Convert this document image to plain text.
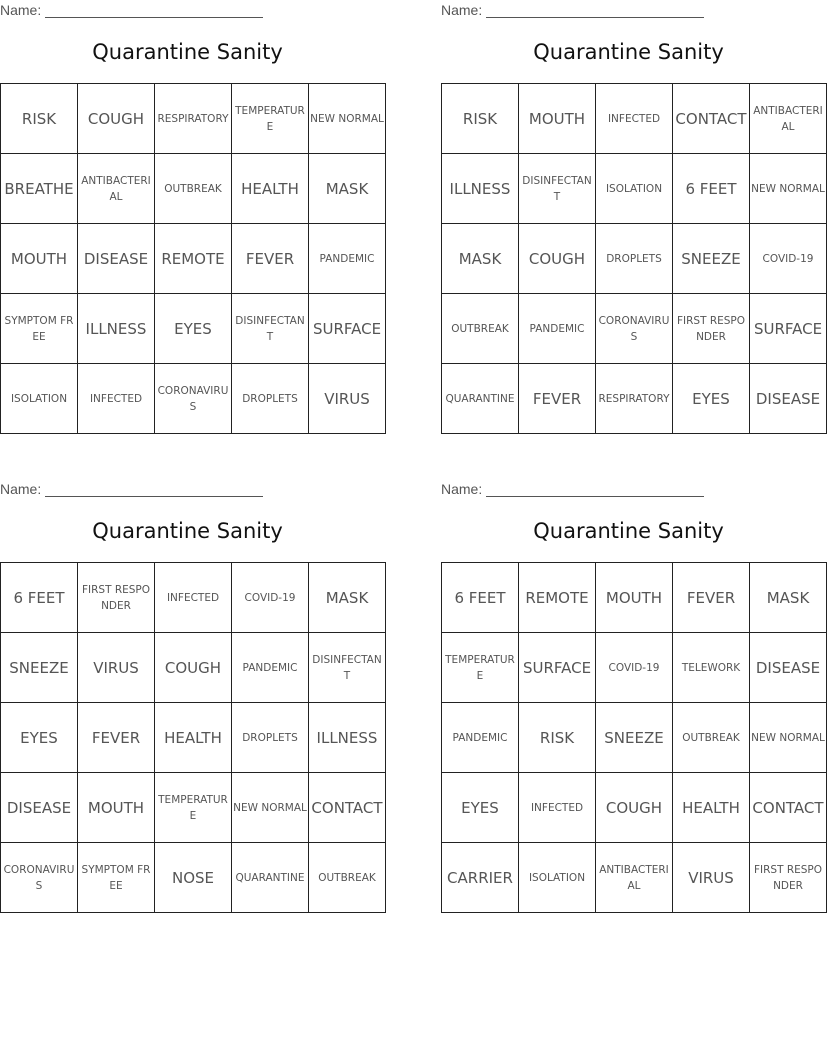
Name:
Quarantine Sanity
RISK	COUGH	RESPIRATORY	TEMPERATURE	NEW NORMAL
BREATHE	ANTIBACTERIAL	OUTBREAK	HEALTH	MASK
MOUTH	DISEASE	REMOTE	FEVER	PANDEMIC
SYMPTOM FREE	ILLNESS	EYES	DISINFECTANT	SURFACE
ISOLATION	INFECTED	CORONAVIRUS	DROPLETS	VIRUS
Name:
Quarantine Sanity
RISK	MOUTH	INFECTED	CONTACT	ANTIBACTERIAL
ILLNESS	DISINFECTANT	ISOLATION	6 FEET	NEW NORMAL
MASK	COUGH	DROPLETS	SNEEZE	COVID-19
OUTBREAK	PANDEMIC	CORONAVIRUS	FIRST RESPONDER	SURFACE
QUARANTINE	FEVER	RESPIRATORY	EYES	DISEASE
Name:
Quarantine Sanity
6 FEET	FIRST RESPONDER	INFECTED	COVID-19	MASK
SNEEZE	VIRUS	COUGH	PANDEMIC	DISINFECTANT
EYES	FEVER	HEALTH	DROPLETS	ILLNESS
DISEASE	MOUTH	TEMPERATURE	NEW NORMAL	CONTACT
CORONAVIRUS	SYMPTOM FREE	NOSE	QUARANTINE	OUTBREAK
Name:
Quarantine Sanity
6 FEET	REMOTE	MOUTH	FEVER	MASK
TEMPERATURE	SURFACE	COVID-19	TELEWORK	DISEASE
PANDEMIC	RISK	SNEEZE	OUTBREAK	NEW NORMAL
EYES	INFECTED	COUGH	HEALTH	CONTACT
CARRIER	ISOLATION	ANTIBACTERIAL	VIRUS	FIRST RESPONDER
